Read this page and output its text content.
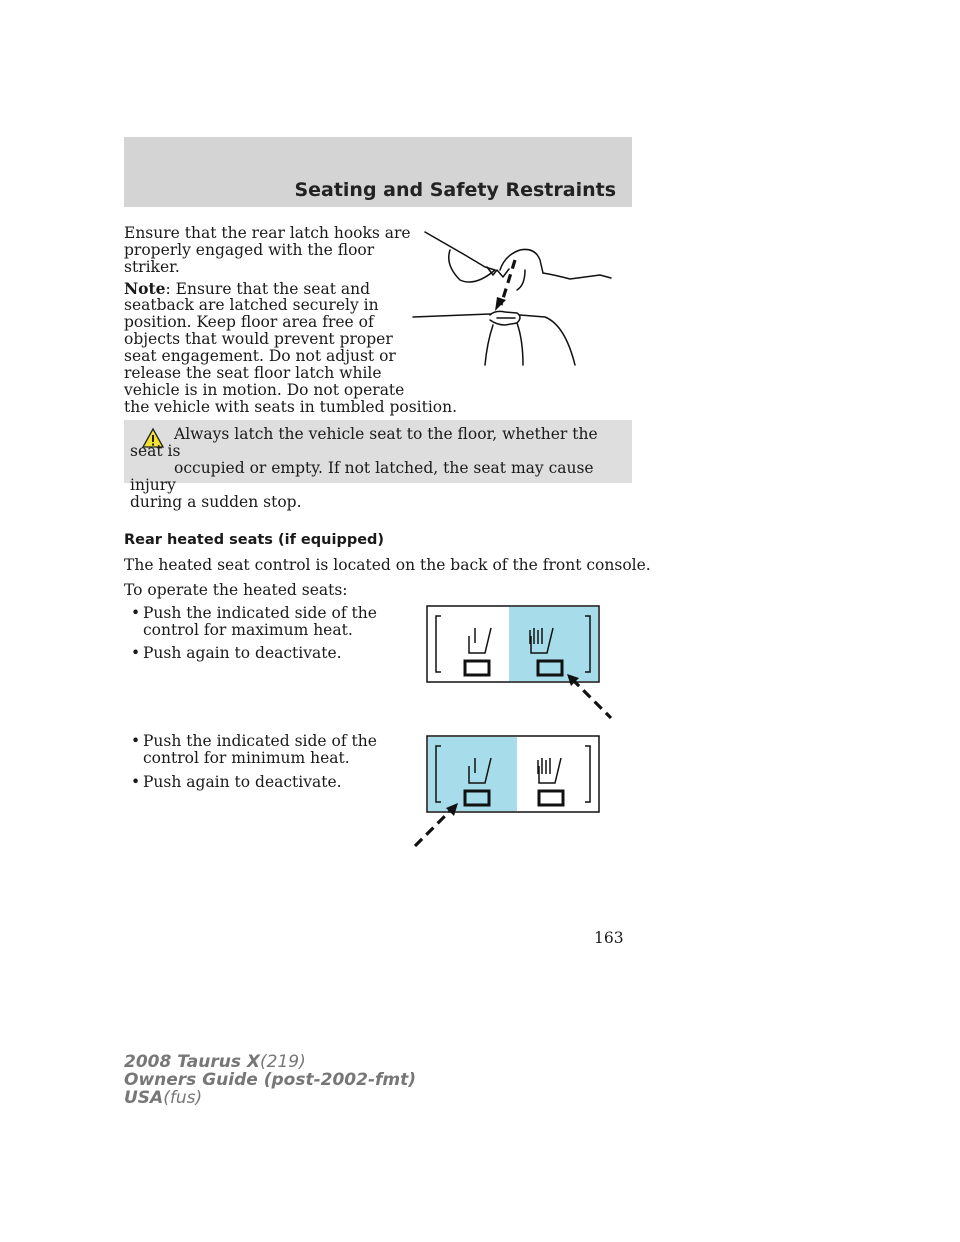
Seating and Safety Restraints
Ensure that the rear latch hooks are
properly engaged with the floor
striker.
Note: Ensure that the seat and
seatback are latched securely in
position. Keep floor area free of
objects that would prevent proper
seat engagement. Do not adjust or
release the seat floor latch while
vehicle is in motion. Do not operate
the vehicle with seats in tumbled position.
Always latch the vehicle seat to the floor, whether the seat is
occupied or empty. If not latched, the seat may cause injury
during a sudden stop.
Rear heated seats (if equipped)
The heated seat control is located on the back of the front console.
To operate the heated seats:
• Push the indicated side of the
control for maximum heat.
• Push again to deactivate.
• Push the indicated side of the
control for minimum heat.
• Push again to deactivate.
163
2008 Taurus X(219)
Owners Guide (post-2002-fmt)
USA(fus)
